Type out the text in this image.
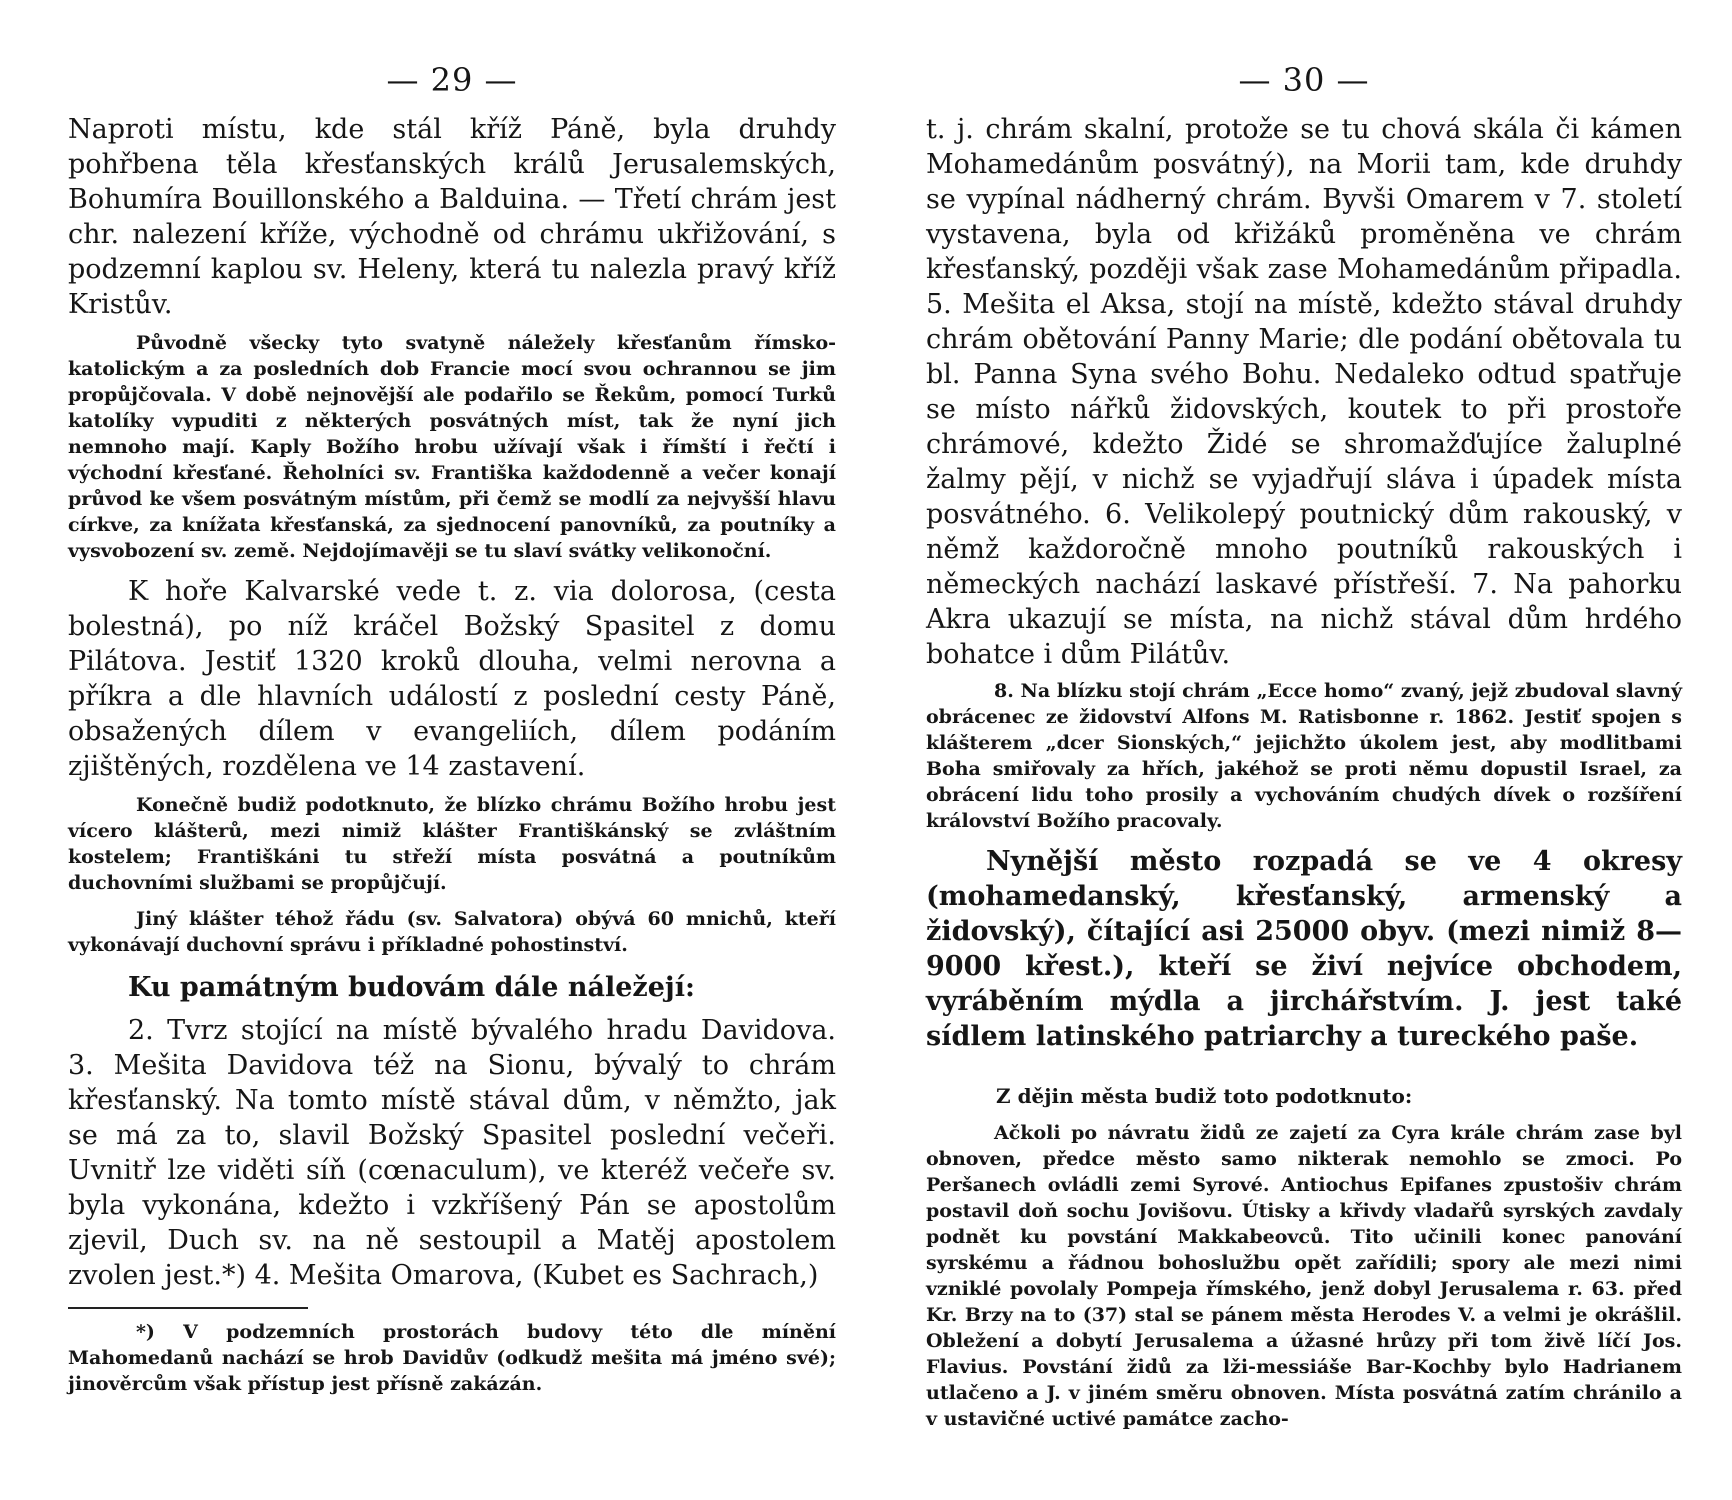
— 29 —

Naproti místu, kde stál kříž Páně, byla druhdy pohřbena těla křesťanských králů Jerusalemských, Bohumíra Bouillonského a Balduina. — Třetí chrám jest chr. nalezení kříže, východně od chrámu ukřižování, s podzemní kaplou sv. Heleny, která tu nalezla pravý kříž Kristův.

Původně všecky tyto svatyně náležely křesťanům římsko-katolickým a za posledních dob Francie mocí svou ochrannou se jim propůjčovala. V době nejnovější ale podařilo se Řekům, pomocí Turků katolíky vypuditi z některých posvátných míst, tak že nyní jich nemnoho mají. Kaply Božího hrobu užívají však i římští i řečtí i východní křesťané. Řeholníci sv. Františka každodenně a večer konají průvod ke všem posvátným místům, při čemž se modlí za nejvyšší hlavu církve, za knížata křesťanská, za sjednocení panovníků, za poutníky a vysvobození sv. země. Nejdojímavěji se tu slaví svátky velikonoční.

K hoře Kalvarské vede t. z. via dolorosa, (cesta bolestná), po níž kráčel Božský Spasitel z domu Pilátova. Jestiť 1320 kroků dlouha, velmi nerovna a příkra a dle hlavních událostí z poslední cesty Páně, obsažených dílem v evangeliích, dílem podáním zjištěných, rozdělena ve 14 zastavení.

Konečně budiž podotknuto, že blízko chrámu Božího hrobu jest vícero klášterů, mezi nimiž klášter Františkánský se zvláštním kostelem; Františkáni tu střeží místa posvátná a poutníkům duchovními službami se propůjčují.

Jiný klášter téhož řádu (sv. Salvatora) obývá 60 mnichů, kteří vykonávají duchovní správu i příkladné pohostinství.

Ku památným budovám dále náležejí:

2. Tvrz stojící na místě bývalého hradu Davidova. 3. Mešita Davidova též na Sionu, bývalý to chrám křesťanský. Na tomto místě stával dům, v němžto, jak se má za to, slavil Božský Spasitel poslední večeři. Uvnitř lze viděti síň (cœnaculum), ve kteréž večeře sv. byla vykonána, kdežto i vzkříšený Pán se apostolům zjevil, Duch sv. na ně sestoupil a Matěj apostolem zvolen jest.*) 4. Mešita Omarova, (Kubet es Sachrach,)

*) V podzemních prostorách budovy této dle mínění Mahomedanů nachází se hrob Davidův (odkudž mešita má jméno své); jinověrcům však přístup jest přísně zakázán.

— 30 —

t. j. chrám skalní, protože se tu chová skála či kámen Mohamedánům posvátný), na Morii tam, kde druhdy se vypínal nádherný chrám. Byvši Omarem v 7. století vystavena, byla od křižáků proměněna ve chrám křesťanský, později však zase Mohamedánům připadla. 5. Mešita el Aksa, stojí na místě, kdežto stával druhdy chrám obětování Panny Marie; dle podání obětovala tu bl. Panna Syna svého Bohu. Nedaleko odtud spatřuje se místo nářků židovských, koutek to při prostoře chrámové, kdežto Židé se shromažďujíce žaluplné žalmy pějí, v nichž se vyjadřují sláva i úpadek místa posvátného. 6. Velikolepý poutnický dům rakouský, v němž každoročně mnoho poutníků rakouských i německých nachází laskavé přístřeší. 7. Na pahorku Akra ukazují se místa, na nichž stával dům hrdého bohatce i dům Pilátův.

8. Na blízku stojí chrám „Ecce homo“ zvaný, jejž zbudoval slavný obrácenec ze židovství Alfons M. Ratisbonne r. 1862. Jestiť spojen s klášterem „dcer Sionských,“ jejichžto úkolem jest, aby modlitbami Boha smiřovaly za hřích, jakéhož se proti němu dopustil Israel, za obrácení lidu toho prosily a vychováním chudých dívek o rozšíření království Božího pracovaly.

Nynější město rozpadá se ve 4 okresy (mohamedanský, křesťanský, armenský a židovský), čítající asi 25000 obyv. (mezi nimiž 8—9000 křest.), kteří se živí nejvíce obchodem, vyráběním mýdla a jirchářstvím. J. jest také sídlem latinského patriarchy a tureckého paše.

Z dějin města budiž toto podotknuto:

Ačkoli po návratu židů ze zajetí za Cyra krále chrám zase byl obnoven, předce město samo nikterak nemohlo se zmoci. Po Peršanech ovládli zemi Syrové. Antiochus Epifanes zpustošiv chrám postavil doň sochu Jovišovu. Útisky a křivdy vladařů syrských zavdaly podnět ku povstání Makkabeovců. Tito učinili konec panování syrskému a řádnou bohoslužbu opět zařídili; spory ale mezi nimi vzniklé povolaly Pompeja římského, jenž dobyl Jerusalema r. 63. před Kr. Brzy na to (37) stal se pánem města Herodes V. a velmi je okrášlil. Obležení a dobytí Jerusalema a úžasné hrůzy při tom živě líčí Jos. Flavius. Povstání židů za lži-messiáše Bar-Kochby bylo Hadrianem utlačeno a J. v jiném směru obnoven. Místa posvátná zatím chránilo a v ustavičné uctivé památce zacho-
